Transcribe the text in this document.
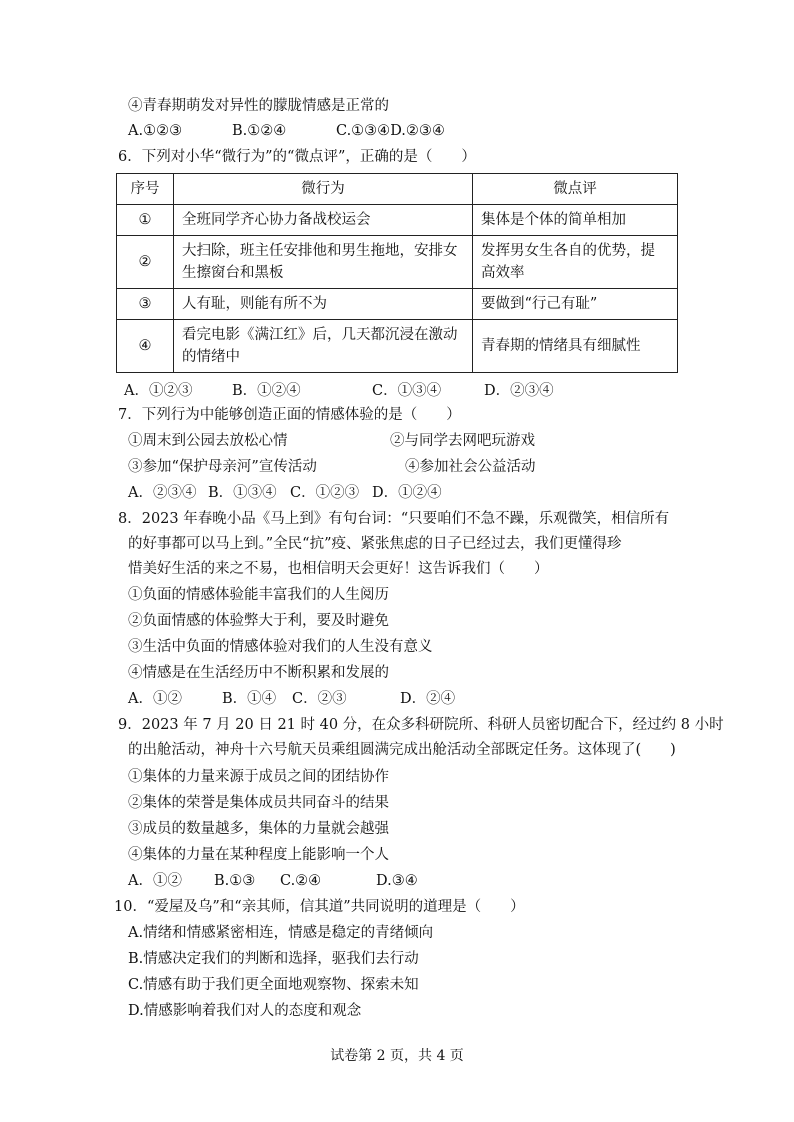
④青春期萌发对异性的朦胧情感是正常的
A.①②③	B.①②④	C.①③④D.②③④
6．下列对小华“微行为”的“微点评”，正确的是（　　）
序号	微行为	微点评
①	全班同学齐心协力备战校运会	集体是个体的简单相加
②	大扫除，班主任安排他和男生拖地，安排女生擦窗台和黑板	发挥男女生各自的优势，提高效率
③	人有耻，则能有所不为	要做到“行己有耻”
④	看完电影《满江红》后，几天都沉浸在激动的情绪中	青春期的情绪具有细腻性
A．①②③	B．①②④	C．①③④	D．②③④
7．下列行为中能够创造正面的情感体验的是（　　）
①周末到公园去放松心情	②与同学去网吧玩游戏
③参加“保护母亲河”宣传活动	④参加社会公益活动
A．②③④ B．①③④ C．①②③ D．①②④
8．2023 年春晚小品《马上到》有句台词：“只要咱们不急不躁，乐观微笑，相信所有
的好事都可以马上到。”全民“抗”疫、紧张焦虑的日子已经过去，我们更懂得珍
惜美好生活的来之不易，也相信明天会更好！这告诉我们（　　）
①负面的情感体验能丰富我们的人生阅历
②负面情感的体验弊大于利，要及时避免
③生活中负面的情感体验对我们的人生没有意义
④情感是在生活经历中不断积累和发展的
A．①②	B．①④ C．②③	D．②④
9．2023 年 7 月 20 日 21 时 40 分，在众多科研院所、科研人员密切配合下，经过约 8 小时
的出舱活动，神舟十六号航天员乘组圆满完成出舱活动全部既定任务。这体现了(　　)
①集体的力量来源于成员之间的团结协作
②集体的荣誉是集体成员共同奋斗的结果
③成员的数量越多，集体的力量就会越强
④集体的力量在某种程度上能影响一个人
A．①② B.①③ C.②④	D.③④
10．“爱屋及乌”和“亲其师，信其道”共同说明的道理是（　　）
A.情绪和情感紧密相连，情感是稳定的青绪倾向
B.情感决定我们的判断和选择，驱我们去行动
C.情感有助于我们更全面地观察物、探索未知
D.情感影响着我们对人的态度和观念
试卷第 2 页，共 4 页
